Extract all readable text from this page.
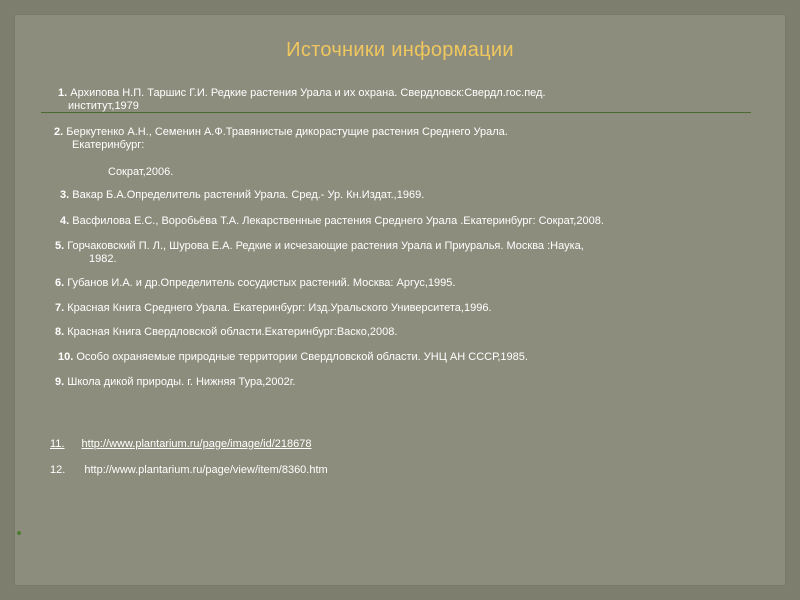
Источники информации
1. Архипова Н.П. Таршис Г.И. Редкие растения Урала и их охрана. Свердловск:Свердл.гос.пед.
институт,1979
2. Беркутенко А.Н., Семенин А.Ф.Травянистые дикорастущие растения Среднего Урала.
Екатеринбург:
Сократ,2006.
3. Вакар Б.А.Определитель растений Урала. Сред.- Ур. Кн.Издат.,1969.
4. Васфилова Е.С., Воробьёва Т.А. Лекарственные растения Среднего Урала .Екатеринбург: Сократ,2008.
5. Горчаковский П. Л., Шурова Е.А. Редкие и исчезающие растения Урала и Приуралья. Москва :Наука,
1982.
6. Губанов И.А. и др.Определитель сосудистых растений. Москва: Аргус,1995.
7. Красная Книга Среднего Урала. Екатеринбург: Изд.Уральского Университета,1996.
8. Красная Книга Свердловской области.Екатеринбург:Васко,2008.
10. Особо охраняемые природные территории Свердловской области. УНЦ АН СССР,1985.
9. Школа дикой природы. г. Нижняя Тура,2002г.
11. http://www.plantarium.ru/page/image/id/218678
12. http://www.plantarium.ru/page/view/item/8360.htm
